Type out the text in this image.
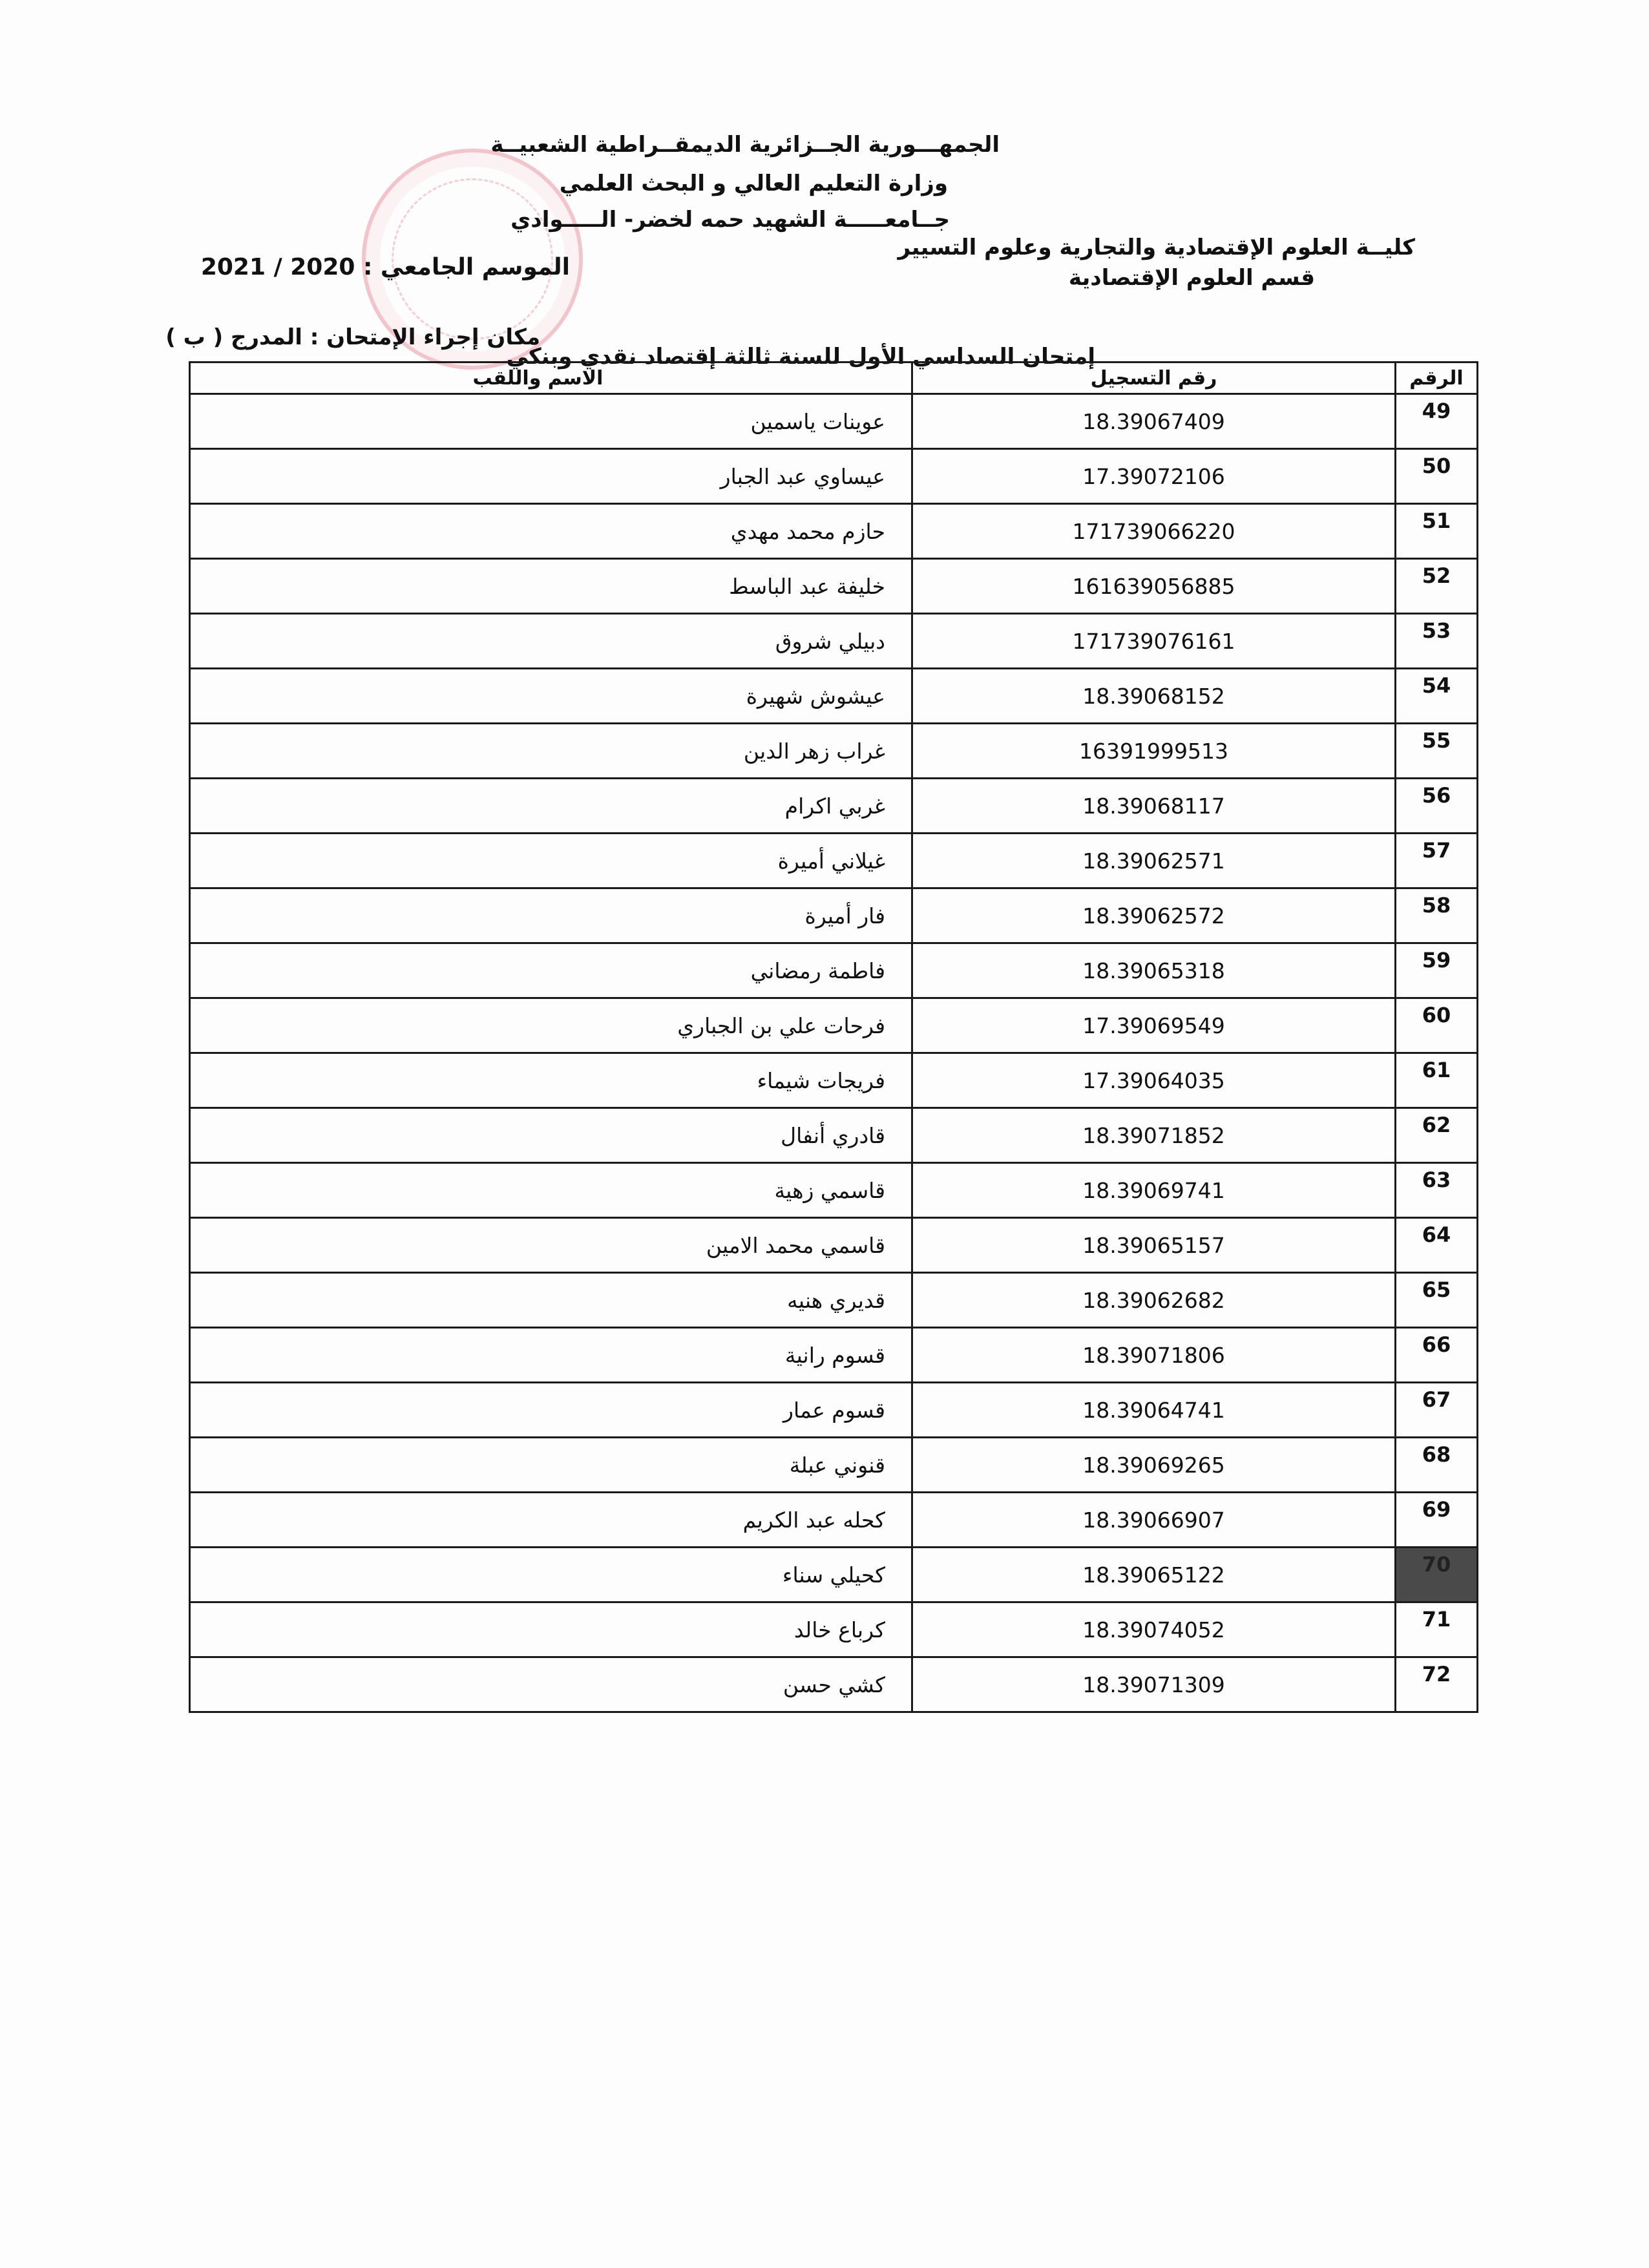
الجمهـــورية الجــزائرية الديمقــراطية الشعبيــة
وزارة التعليم العالي و البحث العلمي
جــامعـــــة الشهيد حمه لخضر- الـــــوادي
كليــة العلوم الإقتصادية والتجارية وعلوم التسيير
قسم العلوم الإقتصادية
الموسم الجامعي : 2020 / 2021
مكان إجراء الإمتحان : المدرج ( ب )
إمتحان السداسي الأول للسنة ثالثة إقتصاد نقدي وبنكي
الاسم واللقب	رقم التسجيل	الرقم
عوينات ياسمين	18.39067409	49
عيساوي عبد الجبار	17.39072106	50
حازم محمد مهدي	171739066220	51
خليفة عبد الباسط	161639056885	52
دبيلي شروق	171739076161	53
عيشوش شهيرة	18.39068152	54
غراب زهر الدين	16391999513	55
غربي اكرام	18.39068117	56
غيلاني أميرة	18.39062571	57
فار أميرة	18.39062572	58
فاطمة رمضاني	18.39065318	59
فرحات علي بن الجباري	17.39069549	60
فريجات شيماء	17.39064035	61
قادري أنفال	18.39071852	62
قاسمي زهية	18.39069741	63
قاسمي محمد الامين	18.39065157	64
قديري هنيه	18.39062682	65
قسوم رانية	18.39071806	66
قسوم عمار	18.39064741	67
قنوني عبلة	18.39069265	68
كحله عبد الكريم	18.39066907	69
كحيلي سناء	18.39065122	70
كرباع خالد	18.39074052	71
كشي حسن	18.39071309	72
